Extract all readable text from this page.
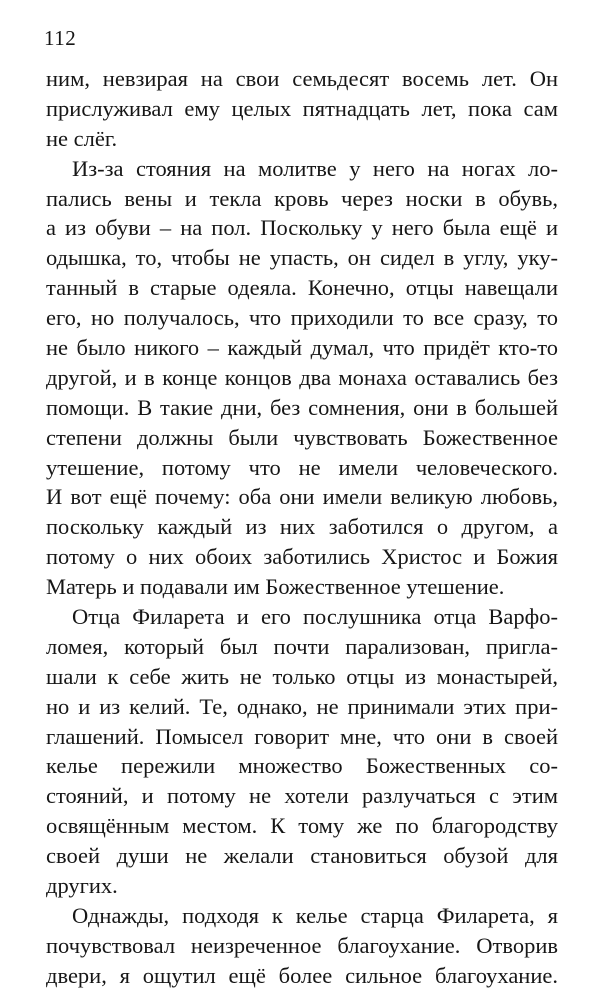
112
ним, невзирая на свои семьдесят восемь лет. Он
прислуживал ему целых пятнадцать лет, пока сам
не слёг.
Из-за стояния на молитве у него на ногах ло-
пались вены и текла кровь через носки в обувь,
а из обуви – на пол. Поскольку у него была ещё и
одышка, то, чтобы не упасть, он сидел в углу, уку-
танный в старые одеяла. Конечно, отцы навещали
его, но получалось, что приходили то все сразу, то
не было никого – каждый думал, что придёт кто-то
другой, и в конце концов два монаха оставались без
помощи. В такие дни, без сомнения, они в большей
степени должны были чувствовать Божественное
утешение, потому что не имели человеческого.
И вот ещё почему: оба они имели великую любовь,
поскольку каждый из них заботился о другом, а
потому о них обоих заботились Христос и Божия
Матерь и подавали им Божественное утешение.
Отца Филарета и его послушника отца Варфо-
ломея, который был почти парализован, пригла-
шали к себе жить не только отцы из монастырей,
но и из келий. Те, однако, не принимали этих при-
глашений. Помысел говорит мне, что они в своей
келье пережили множество Божественных со-
стояний, и потому не хотели разлучаться с этим
освящённым местом. К тому же по благородству
своей души не желали становиться обузой для
других.
Однажды, подходя к келье старца Филарета, я
почувствовал неизреченное благоухание. Отворив
двери, я ощутил ещё более сильное благоухание.
